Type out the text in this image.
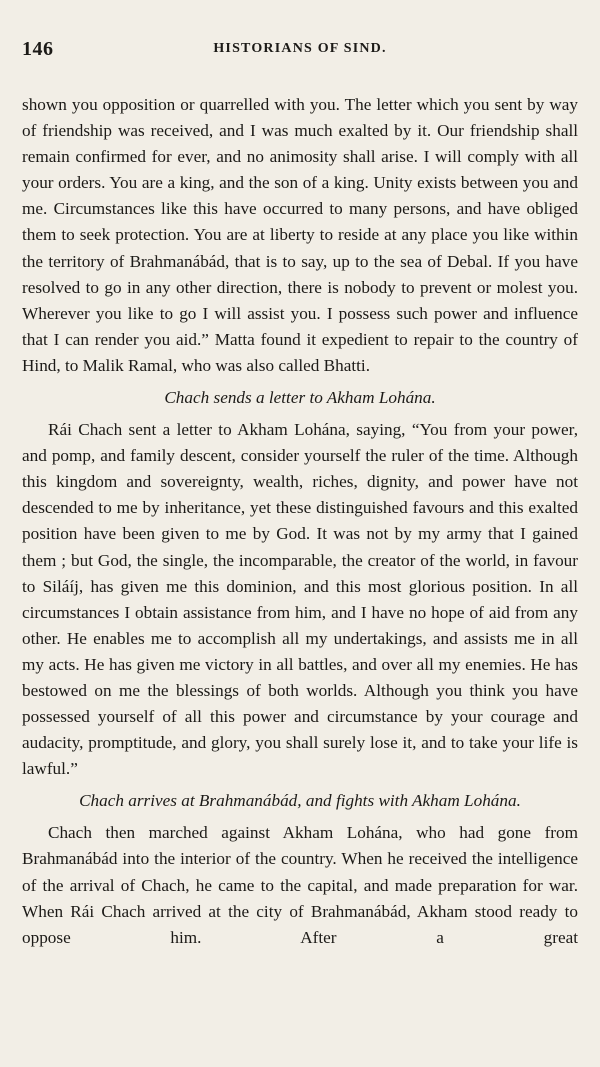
146	HISTORIANS OF SIND.

shown you opposition or quarrelled with you. The letter which you sent by way of friendship was received, and I was much exalted by it. Our friendship shall remain confirmed for ever, and no animosity shall arise. I will comply with all your orders. You are a king, and the son of a king. Unity exists between you and me. Circumstances like this have occurred to many persons, and have obliged them to seek protection. You are at liberty to reside at any place you like within the territory of Brahmanábád, that is to say, up to the sea of Debal. If you have resolved to go in any other direction, there is nobody to prevent or molest you. Wherever you like to go I will assist you. I possess such power and influence that I can render you aid.” Matta found it expedient to repair to the country of Hind, to Malik Ramal, who was also called Bhatti.

Chach sends a letter to Akham Lohána.

Rái Chach sent a letter to Akham Lohána, saying, “You from your power, and pomp, and family descent, consider yourself the ruler of the time. Although this kingdom and sovereignty, wealth, riches, dignity, and power have not descended to me by inheritance, yet these distinguished favours and this exalted position have been given to me by God. It was not by my army that I gained them ; but God, the single, the incomparable, the creator of the world, in favour to Siláíj, has given me this dominion, and this most glorious position. In all circumstances I obtain assistance from him, and I have no hope of aid from any other. He enables me to accomplish all my undertakings, and assists me in all my acts. He has given me victory in all battles, and over all my enemies. He has bestowed on me the blessings of both worlds. Although you think you have possessed yourself of all this power and circumstance by your courage and audacity, promptitude, and glory, you shall surely lose it, and to take your life is lawful.”

Chach arrives at Brahmanábád, and fights with Akham Lohána.

Chach then marched against Akham Lohána, who had gone from Brahmanábád into the interior of the country. When he received the intelligence of the arrival of Chach, he came to the capital, and made preparation for war. When Rái Chach arrived at the city of Brahmanábád, Akham stood ready to oppose him. After a great
